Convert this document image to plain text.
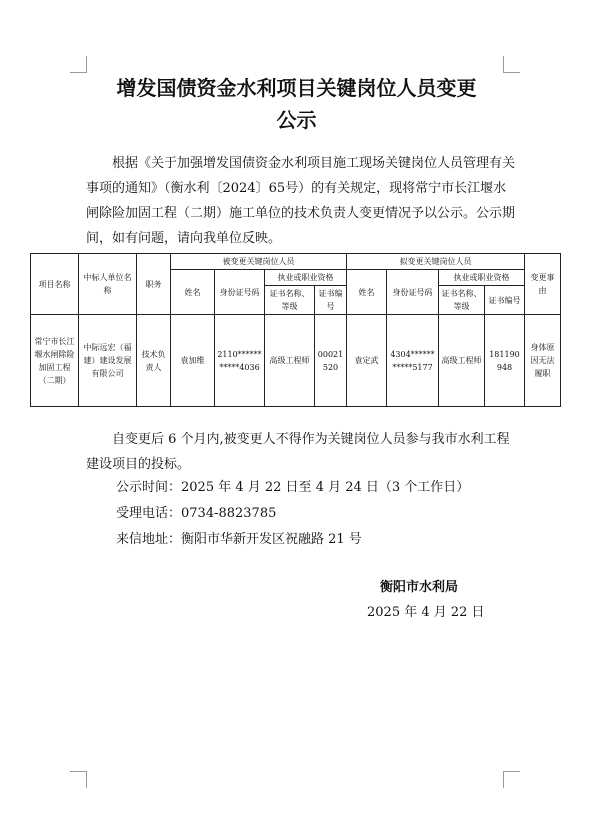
增发国债资金水利项目关键岗位人员变更
公示
根据《关于加强增发国债资金水利项目施工现场关键岗位人员管理有关事项的通知》（衡水利〔2024〕65号）的有关规定，现将常宁市长江堰水闸除险加固工程（二期）施工单位的技术负责人变更情况予以公示。公示期间，如有问题，请向我单位反映。
项目名称	中标人单位名称	职务	被变更关键岗位人员				拟变更关键岗位人员				变更事由
			姓名	身份证号码	执业或职业资格		姓名	身份证号码	执业或职业资格		
					证书名称、等级	证书编号			证书名称、等级	证书编号	
常宁市长江堰水闸除险加固工程（二期）	中际远宏（福建）建设发展有限公司	技术负责人	袁加维	2110***********4036	高级工程师	00021520	袁定武	4304***********5177	高级工程师	181190948	身体原因无法履职
自变更后 6 个月内,被变更人不得作为关键岗位人员参与我市水利工程建设项目的投标。
公示时间：2025 年 4 月 22 日至 4 月 24 日（3 个工作日）
受理电话：0734-8823785
来信地址：衡阳市华新开发区祝融路 21 号
衡阳市水利局
2025 年 4 月 22 日
